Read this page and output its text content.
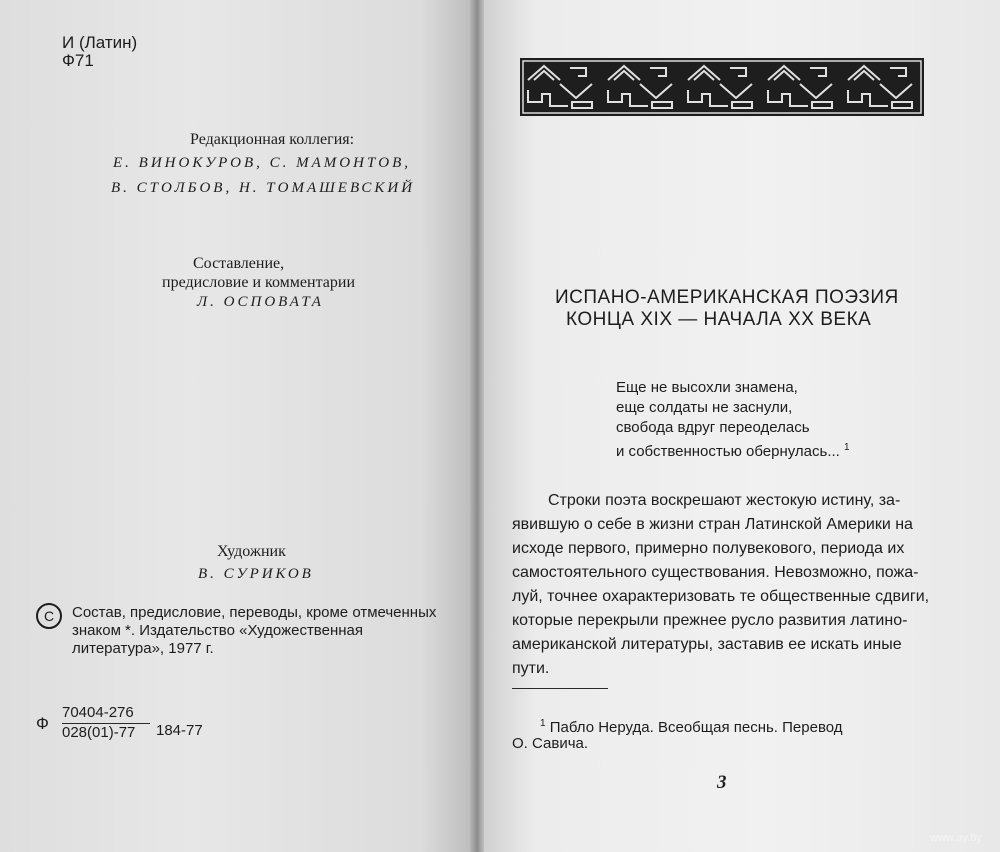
И (Латин)
Ф71
Редакционная коллегия:
Е. ВИНОКУРОВ, С. МАМОНТОВ,
В. СТОЛБОВ, Н. ТОМАШЕВСКИЙ
Составление,
предисловие и комментарии
Л. ОСПОВАТА
Художник
В. СУРИКОВ
C	Состав, предисловие, переводы, кроме отмеченных
знаком *. Издательство «Художественная
литература», 1977 г.
Ф
70404-276
028(01)-77 184-77
ИСПАНО-АМЕРИКАНСКАЯ ПОЭЗИЯ
КОНЦА XIX — НАЧАЛА XX ВЕКА
Еще не высохли знамена,
еще солдаты не заснули,
свобода вдруг переоделась
и собственностью обернулась... $^1$
Строки поэта воскрешают жестокую истину, за-
явившую о себе в жизни стран Латинской Америки на
исходе первого, примерно полувекового, периода их
самостоятельного существования. Невозможно, пожа-
луй, точнее охарактеризовать те общественные сдвиги,
которые перекрыли прежнее русло развития латино-
американской литературы, заставив ее искать иные
пути.
$^1$ Пабло Неруда. Всеобщая песнь. Перевод
О. Савича.
3
www.ay.by
